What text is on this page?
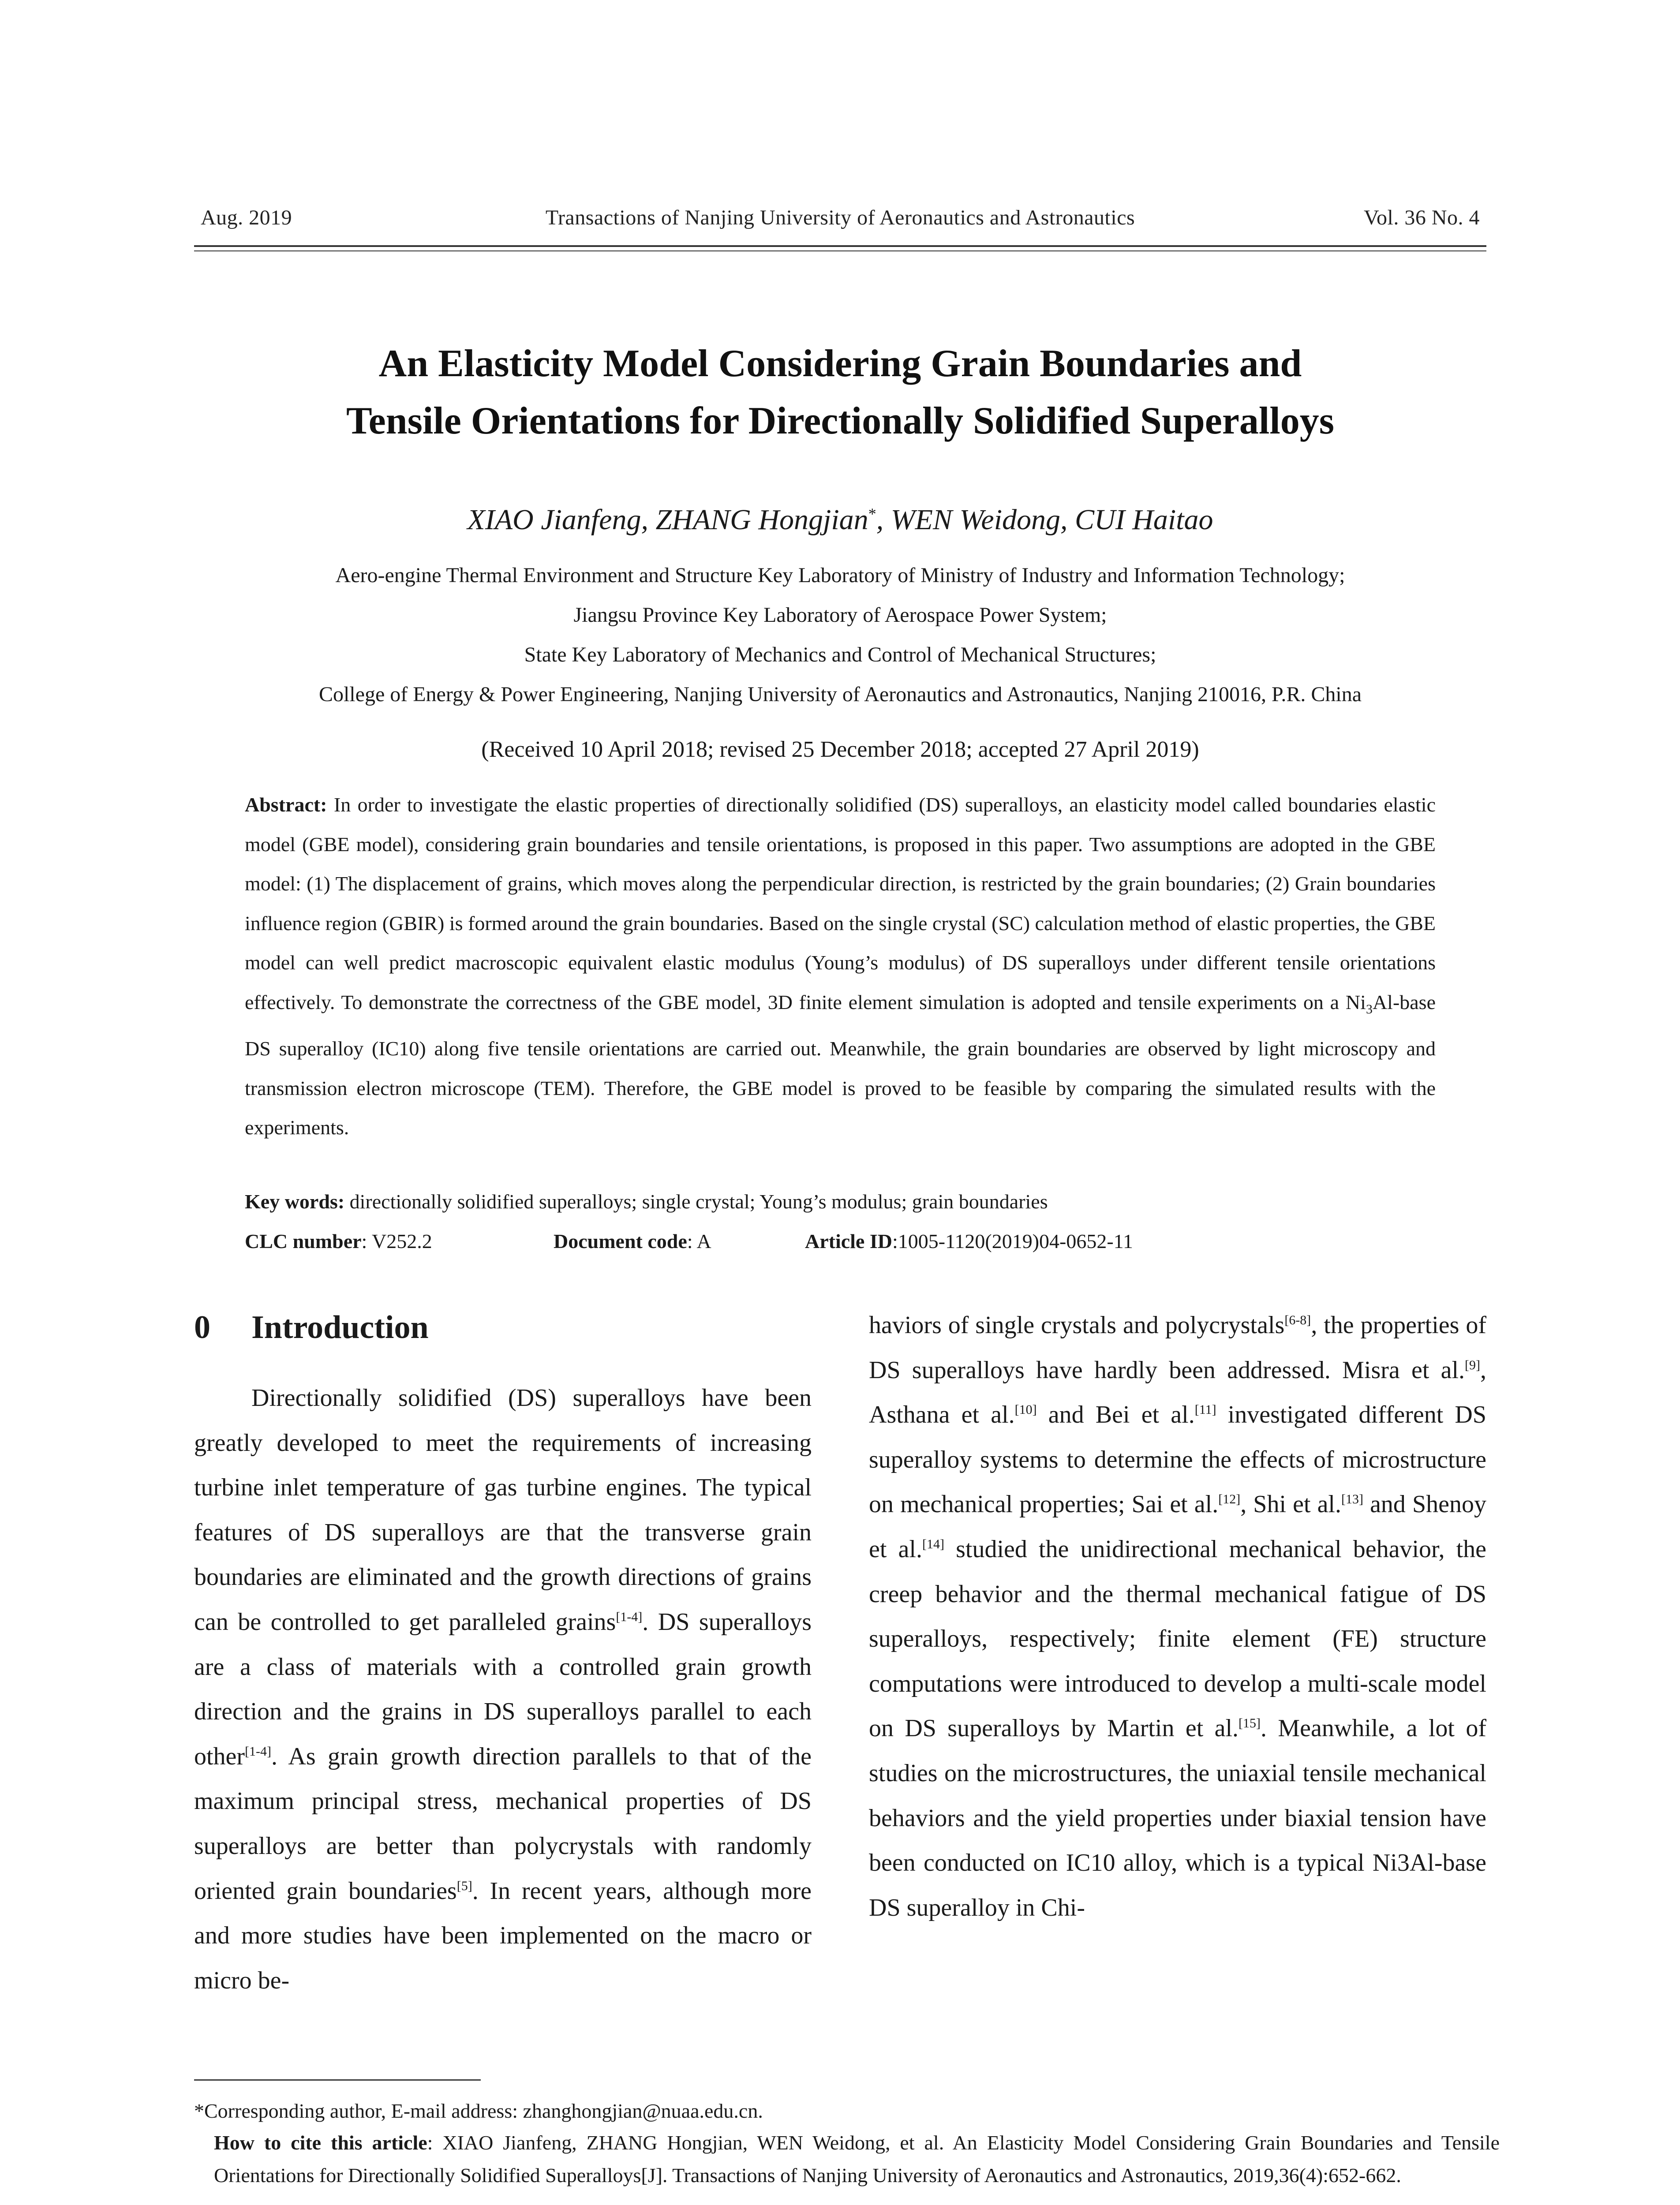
Aug. 2019	Transactions of Nanjing University of Aeronautics and Astronautics	Vol. 36 No. 4
An Elasticity Model Considering Grain Boundaries and
Tensile Orientations for Directionally Solidified Superalloys
XIAO Jianfeng, ZHANG Hongjian*, WEN Weidong, CUI Haitao
Aero-engine Thermal Environment and Structure Key Laboratory of Ministry of Industry and Information Technology;
Jiangsu Province Key Laboratory of Aerospace Power System;
State Key Laboratory of Mechanics and Control of Mechanical Structures;
College of Energy & Power Engineering, Nanjing University of Aeronautics and Astronautics, Nanjing 210016, P.R. China
(Received 10 April 2018; revised 25 December 2018; accepted 27 April 2019)
Abstract: In order to investigate the elastic properties of directionally solidified (DS) superalloys, an elasticity model called boundaries elastic model (GBE model), considering grain boundaries and tensile orientations, is proposed in this paper. Two assumptions are adopted in the GBE model: (1) The displacement of grains, which moves along the perpendicular direction, is restricted by the grain boundaries; (2) Grain boundaries influence region (GBIR) is formed around the grain boundaries. Based on the single crystal (SC) calculation method of elastic properties, the GBE model can well predict macroscopic equivalent elastic modulus (Young’s modulus) of DS superalloys under different tensile orientations effectively. To demonstrate the correctness of the GBE model, 3D finite element simulation is adopted and tensile experiments on a $Ni_3Al$-base DS superalloy (IC10) along five tensile orientations are carried out. Meanwhile, the grain boundaries are observed by light microscopy and transmission electron microscope (TEM). Therefore, the GBE model is proved to be feasible by comparing the simulated results with the experiments.
Key words: directionally solidified superalloys; single crystal; Young’s modulus; grain boundaries
CLC number: V252.2	Document code: A	Article ID:1005-1120(2019)04-0652-11
0 Introduction
Directionally solidified (DS) superalloys have been greatly developed to meet the requirements of increasing turbine inlet temperature of gas turbine engines. The typical features of DS superalloys are that the transverse grain boundaries are eliminated and the growth directions of grains can be controlled to get paralleled grains[1-4]. DS superalloys are a class of materials with a controlled grain growth direction and the grains in DS superalloys parallel to each other[1-4]. As grain growth direction parallels to that of the maximum principal stress, mechanical properties of DS superalloys are better than polycrystals with randomly oriented grain boundaries[5]. In recent years, although more and more studies have been implemented on the macro or micro be-
haviors of single crystals and polycrystals[6-8], the properties of DS superalloys have hardly been addressed. Misra et al.[9], Asthana et al.[10] and Bei et al.[11] investigated different DS superalloy systems to determine the effects of microstructure on mechanical properties; Sai et al.[12], Shi et al.[13] and Shenoy et al.[14] studied the unidirectional mechanical behavior, the creep behavior and the thermal mechanical fatigue of DS superalloys, respectively; finite element (FE) structure computations were introduced to develop a multi-scale model on DS superalloys by Martin et al.[15]. Meanwhile, a lot of studies on the microstructures, the uniaxial tensile mechanical behaviors and the yield properties under biaxial tension have been conducted on IC10 alloy, which is a typical Ni3Al-base DS superalloy in Chi-
*Corresponding author, E-mail address: zhanghongjian@nuaa.edu.cn.
How to cite this article: XIAO Jianfeng, ZHANG Hongjian, WEN Weidong, et al. An Elasticity Model Considering Grain Boundaries and Tensile Orientations for Directionally Solidified Superalloys[J]. Transactions of Nanjing University of Aeronautics and Astronautics, 2019,36(4):652-662.
